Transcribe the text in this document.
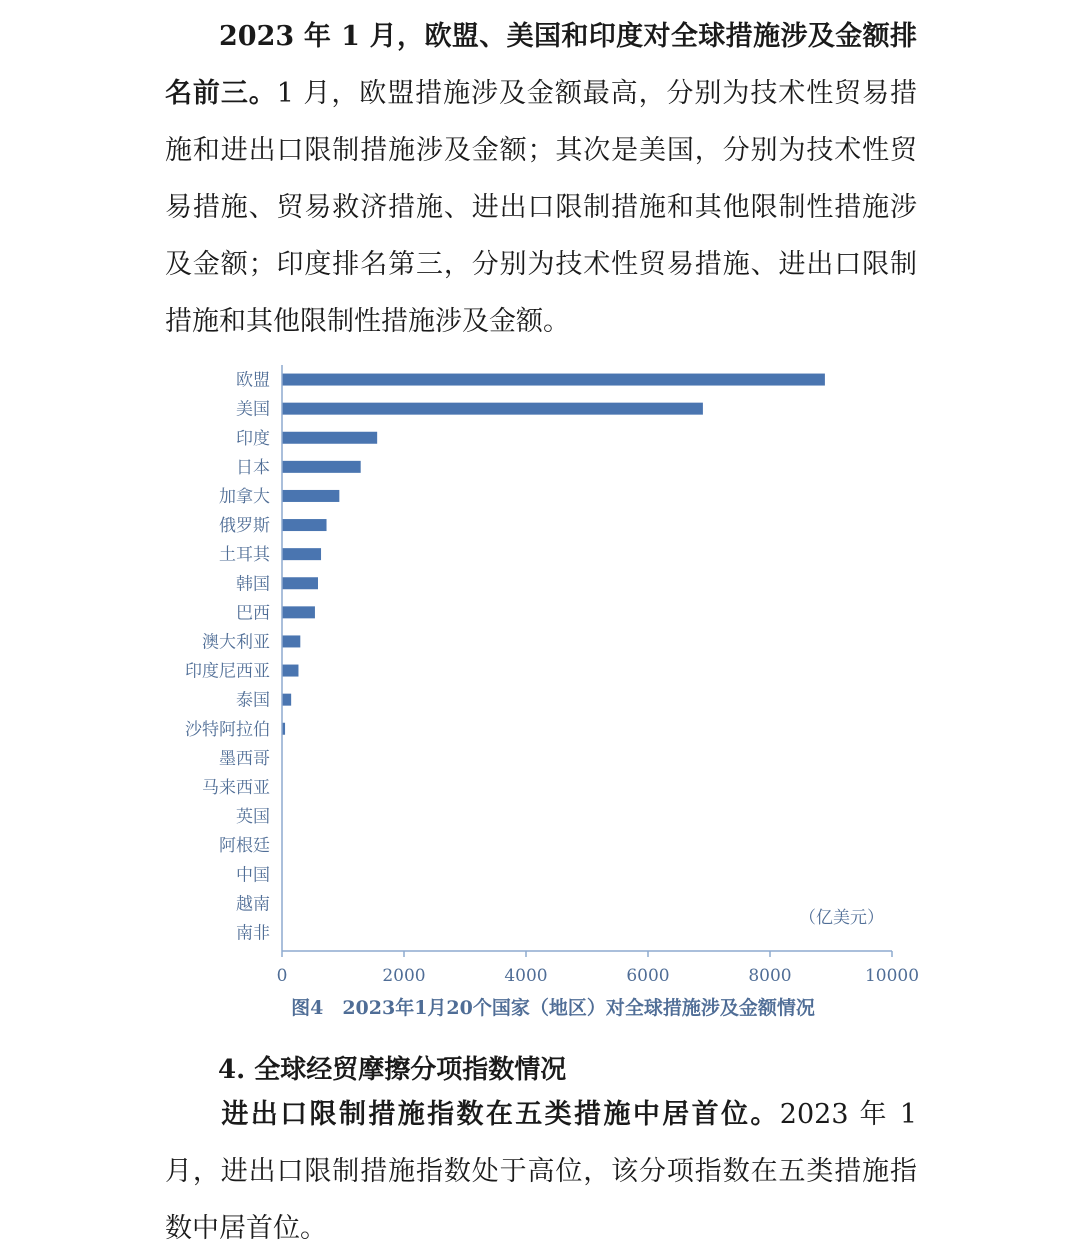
2023 年 1 月，欧盟、美国和印度对全球措施涉及金额排名前三。1 月，欧盟措施涉及金额最高，分别为技术性贸易措施和进出口限制措施涉及金额；其次是美国，分别为技术性贸易措施、贸易救济措施、进出口限制措施和其他限制性措施涉及金额；印度排名第三，分别为技术性贸易措施、进出口限制措施和其他限制性措施涉及金额。

欧盟
美国
印度
日本
加拿大
俄罗斯
土耳其
韩国
巴西
澳大利亚
印度尼西亚
泰国
沙特阿拉伯
墨西哥
马来西亚
英国
阿根廷
中国
越南
南非
0	2000	4000	6000	8000	10000
（亿美元）
图4　2023年1月20个国家（地区）对全球措施涉及金额情况
4. 全球经贸摩擦分项指数情况

进出口限制措施指数在五类措施中居首位。2023 年 1 月，进出口限制措施指数处于高位，该分项指数在五类措施指数中居首位。
